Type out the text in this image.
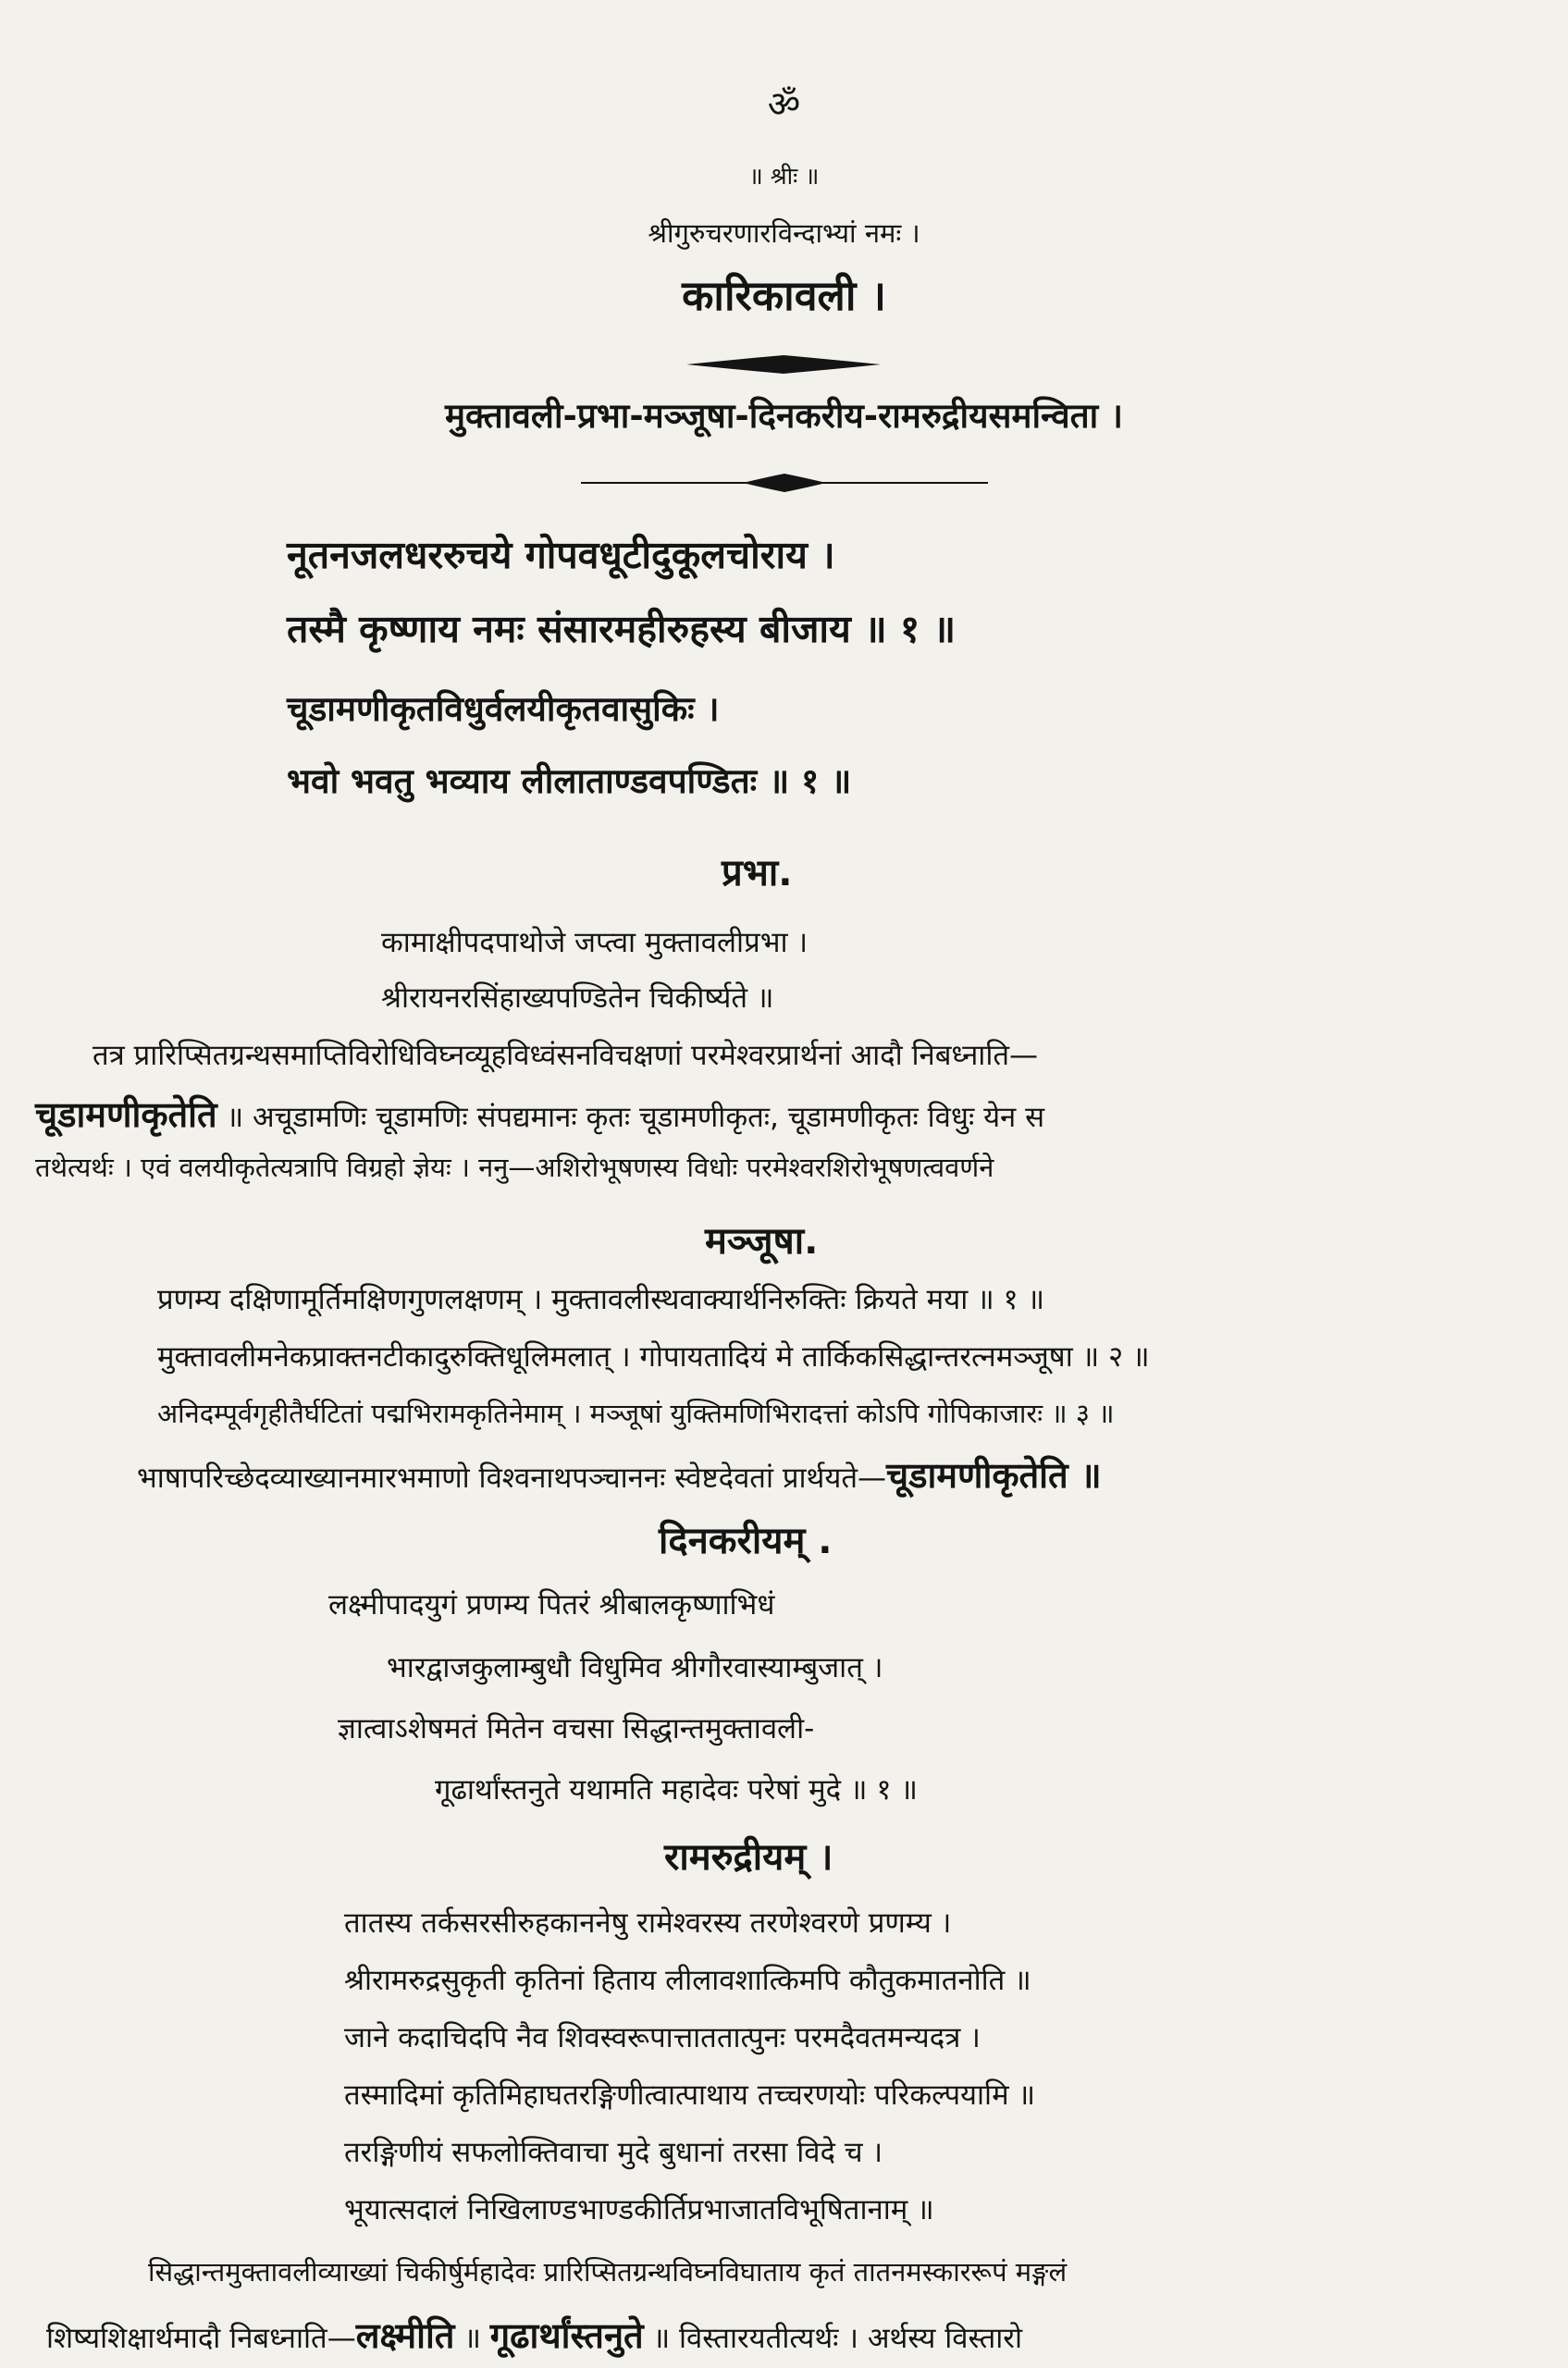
ॐ
॥ श्रीः ॥
श्रीगुरुचरणारविन्दाभ्यां नमः ।
कारिकावली ।
मुक्तावली-प्रभा-मञ्जूषा-दिनकरीय-रामरुद्रीयसमन्विता ।
नूतनजलधररुचये गोपवधूटीदुकूलचोराय ।
तस्मै कृष्णाय नमः संसारमहीरुहस्य बीजाय ॥ १ ॥
चूडामणीकृतविधुर्वलयीकृतवासुकिः ।
भवो भवतु भव्याय लीलाताण्डवपण्डितः ॥ १ ॥
प्रभा.
कामाक्षीपदपाथोजे जप्त्वा मुक्तावलीप्रभा ।
श्रीरायनरसिंहाख्यपण्डितेन चिकीर्ष्यते ॥
तत्र प्रारिप्सितग्रन्थसमाप्तिविरोधिविघ्नव्यूहविध्वंसनविचक्षणां परमेश्वरप्रार्थनां आदौ निबध्नाति—
चूडामणीकृतेति ॥ अचूडामणिः चूडामणिः संपद्यमानः कृतः चूडामणीकृतः, चूडामणीकृतः विधुः येन स
तथेत्यर्थः । एवं वलयीकृतेत्यत्रापि विग्रहो ज्ञेयः । ननु—अशिरोभूषणस्य विधोः परमेश्वरशिरोभूषणत्ववर्णने
मञ्जूषा.
प्रणम्य दक्षिणामूर्तिमक्षिणगुणलक्षणम् । मुक्तावलीस्थवाक्यार्थनिरुक्तिः क्रियते मया ॥ १ ॥
मुक्तावलीमनेकप्राक्तनटीकादुरुक्तिधूलिमलात् । गोपायतादियं मे तार्किकसिद्धान्तरत्नमञ्जूषा ॥ २ ॥
अनिदम्पूर्वगृहीतैर्घटितां पद्मभिरामकृतिनेमाम् । मञ्जूषां युक्तिमणिभिरादत्तां कोऽपि गोपिकाजारः ॥ ३ ॥
भाषापरिच्छेदव्याख्यानमारभमाणो विश्वनाथपञ्चाननः स्वेष्टदेवतां प्रार्थयते—चूडामणीकृतेति ॥
दिनकरीयम् .
लक्ष्मीपादयुगं प्रणम्य पितरं श्रीबालकृष्णाभिधं
भारद्वाजकुलाम्बुधौ विधुमिव श्रीगौरवास्याम्बुजात् ।
ज्ञात्वाऽशेषमतं मितेन वचसा सिद्धान्तमुक्तावली-
गूढार्थांस्तनुते यथामति महादेवः परेषां मुदे ॥ १ ॥
रामरुद्रीयम् ।
तातस्य तर्कसरसीरुहकाननेषु रामेश्वरस्य तरणेश्वरणे प्रणम्य ।
श्रीरामरुद्रसुकृती कृतिनां हिताय लीलावशात्किमपि कौतुकमातनोति ॥
जाने कदाचिदपि नैव शिवस्वरूपात्ताततात्पुनः परमदैवतमन्यदत्र ।
तस्मादिमां कृतिमिहाघतरङ्गिणीत्वात्पाथाय तच्चरणयोः परिकल्पयामि ॥
तरङ्गिणीयं सफलोक्तिवाचा मुदे बुधानां तरसा विदे च ।
भूयात्सदालं निखिलाण्डभाण्डकीर्तिप्रभाजातविभूषितानाम् ॥
सिद्धान्तमुक्तावलीव्याख्यां चिकीर्षुर्महादेवः प्रारिप्सितग्रन्थविघ्नविघाताय कृतं तातनमस्काररूपं मङ्गलं
शिष्यशिक्षार्थमादौ निबध्नाति—लक्ष्मीति ॥ गूढार्थांस्तनुते ॥ विस्तारयतीत्यर्थः । अर्थस्य विस्तारो
